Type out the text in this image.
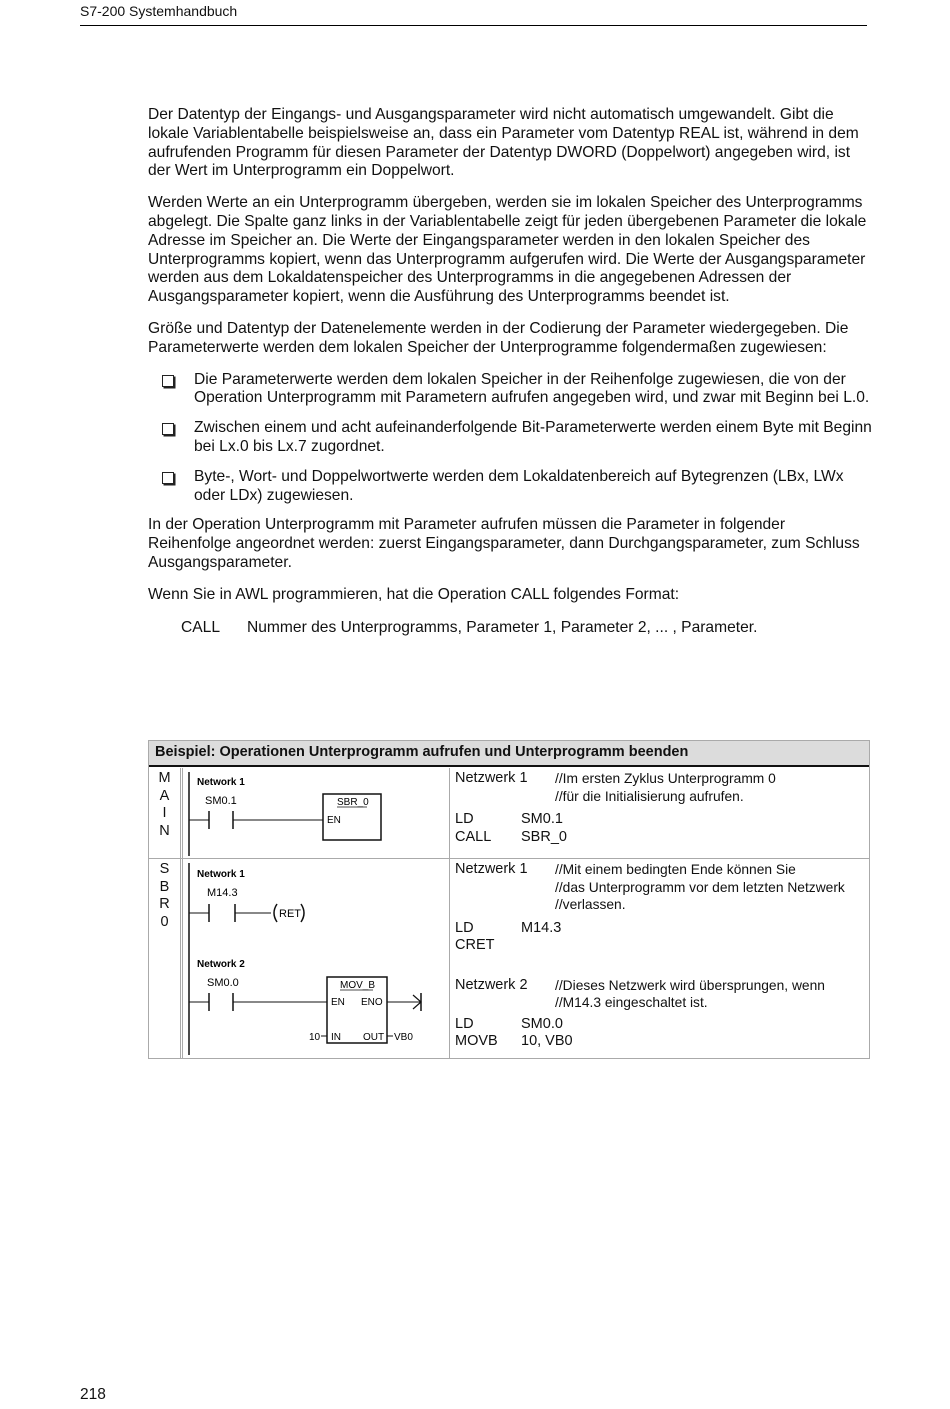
S7-200 Systemhandbuch

Der Datentyp der Eingangs- und Ausgangsparameter wird nicht automatisch umgewandelt. Gibt die lokale Variablentabelle beispielsweise an, dass ein Parameter vom Datentyp REAL ist, während in dem aufrufenden Programm für diesen Parameter der Datentyp DWORD (Doppelwort) angegeben wird, ist der Wert im Unterprogramm ein Doppelwort.

Werden Werte an ein Unterprogramm übergeben, werden sie im lokalen Speicher des Unterprogramms abgelegt. Die Spalte ganz links in der Variablentabelle zeigt für jeden übergebenen Parameter die lokale Adresse im Speicher an. Die Werte der Eingangsparameter werden in den lokalen Speicher des Unterprogramms kopiert, wenn das Unterprogramm aufgerufen wird. Die Werte der Ausgangsparameter werden aus dem Lokaldatenspeicher des Unterprogramms in die angegebenen Adressen der Ausgangsparameter kopiert, wenn die Ausführung des Unterprogramms beendet ist.

Größe und Datentyp der Datenelemente werden in der Codierung der Parameter wiedergegeben. Die Parameterwerte werden dem lokalen Speicher der Unterprogramme folgendermaßen zugewiesen:

Die Parameterwerte werden dem lokalen Speicher in der Reihenfolge zugewiesen, die von der Operation Unterprogramm mit Parametern aufrufen angegeben wird, und zwar mit Beginn bei L.0.
Zwischen einem und acht aufeinanderfolgende Bit-Parameterwerte werden einem Byte mit Beginn bei Lx.0 bis Lx.7 zugordnet.
Byte-, Wort- und Doppelwortwerte werden dem Lokaldatenbereich auf Bytegrenzen (LBx, LWx oder LDx) zugewiesen.

In der Operation Unterprogramm mit Parameter aufrufen müssen die Parameter in folgender Reihenfolge angeordnet werden: zuerst Eingangsparameter, dann Durchgangsparameter, zum Schluss Ausgangsparameter.

Wenn Sie in AWL programmieren, hat die Operation CALL folgendes Format:

CALL	Nummer des Unterprogramms, Parameter 1, Parameter 2, ... , Parameter.
Beispiel: Operationen Unterprogramm aufrufen und Unterprogramm beenden
M
A
I
N
Network 1
SM0.1	SBR_0
EN
Netzwerk 1	//Im ersten Zyklus Unterprogramm 0
//für die Initialisierung aufrufen.
LD	SM0.1
CALL	SBR_0
S
B
R
0
Network 1
M14.3
RET
Network 2
SM0.0	MOV_B
EN ENO
IN OUT
10	VB0
Netzwerk 1	//Mit einem bedingten Ende können Sie
//das Unterprogramm vor dem letzten Netzwerk
//verlassen.
LD	M14.3
CRET
Netzwerk 2	//Dieses Netzwerk wird übersprungen, wenn
//M14.3 eingeschaltet ist.
LD	SM0.0
MOVB	10, VB0
218
